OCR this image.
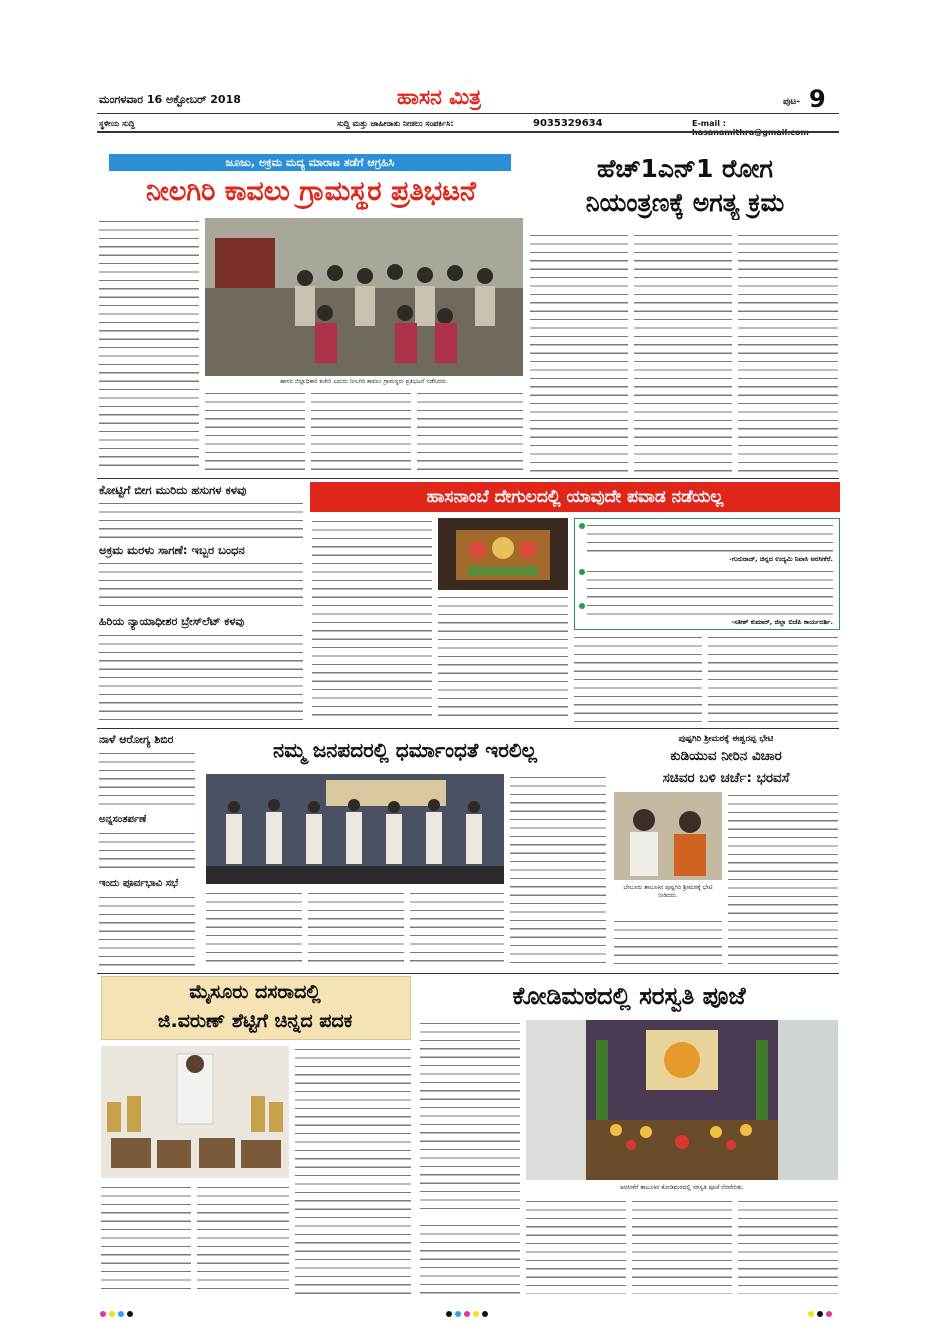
ಮಂಗಳವಾರ 16 ಅಕ್ಟೋಬರ್ 2018	ಹಾಸನ ಮಿತ್ರ	ಪುಟ- 9
ಸ್ಥಳೀಯ ಸುದ್ದಿ	ಸುದ್ದಿ ಮತ್ತು ಜಾಹೀರಾತು ನೀಡಲು ಸಂಪರ್ಕಿಸಿ:	9035329634	E-mail :
ಜೂಜು, ಅಕ್ರಮ ಮದ್ಯ ಮಾರಾಟ ತಡೆಗೆ ಆಗ್ರಹಿಸಿ
ನೀಲಗಿರಿ ಕಾವಲು ಗ್ರಾಮಸ್ಥರ ಪ್ರತಿಭಟನೆ
ಹಾಸನ ಜಿಲ್ಲಾಧಿಕಾರಿ ಕಚೇರಿ ಎದುರು ನೀಲಗಿರಿ ಕಾವಲು ಗ್ರಾಮಸ್ಥರು ಪ್ರತಿಭಟನೆ ನಡೆಸಿದರು.
ಹೆಚ್1ಎನ್1 ರೋಗ
ನಿಯಂತ್ರಣಕ್ಕೆ ಅಗತ್ಯ ಕ್ರಮ
ಕೋಟ್ಟಿಗೆ ಬೀಗ ಮುರಿದು ಹಸುಗಳ ಕಳವು
ಅಕ್ರಮ ಮರಳು ಸಾಗಣೆ: ಇಬ್ಬರ ಬಂಧನ
ಹಿರಿಯ ನ್ಯಾಯಾಧೀಶರ ಬ್ರೇಸ್‌ಲೆಟ್ ಕಳವು
ಹಾಸನಾಂಬೆ ದೇಗುಲದಲ್ಲಿ ಯಾವುದೇ ಪವಾಡ ನಡೆಯಲ್ಲ
-ಗುರುರಾಜ್, ಚಿನ್ನದ ಉದ್ಯಮಿ ನಿವಾಸಿ ಅರಸೀಕೆರೆ.
-ಸತೀಶ್ ಕುಮಾರ್, ಜಿಲ್ಲಾ ಬಿಜೆಪಿ ಕಾರ್ಯದರ್ಶಿ.
ನಾಳೆ ಆರೋಗ್ಯ ಶಿಬಿರ
ಅನ್ನಸಂತರ್ಪಣೆ
ಇಂದು ಪೂರ್ವಭಾವಿ ಸಭೆ
ನಮ್ಮ ಜನಪದರಲ್ಲಿ ಧರ್ಮಾಂಧತೆ ಇರಲಿಲ್ಲ	ಪುಷ್ಪಗಿರಿ ಶ್ರೀಮಠಕ್ಕೆ ಈಶ್ವರಪ್ಪ ಭೇಟಿ
ಕುಡಿಯುವ ನೀರಿನ ವಿಚಾರ
ಸಚಿವರ ಬಳಿ ಚರ್ಚೆ: ಭರವಸೆ
ಬೇಲೂರು ತಾಲೂಕಿನ ಪುಷ್ಪಗಿರಿ ಶ್ರೀಮಠಕ್ಕೆ ಭೇಟಿ ನೀಡಿದರು.
ಮೈಸೂರು ದಸರಾದಲ್ಲಿ
ಜಿ.ವರುಣ್ ಶೆಟ್ಟಿಗೆ ಚಿನ್ನದ ಪದಕ
ಕೋಡಿಮಠದಲ್ಲಿ ಸರಸ್ವತಿ ಪೂಜೆ
ಅರಸೀಕೆರೆ ತಾಲೂಕಿನ ಕೋಡಿಮಠದಲ್ಲಿ ಸರಸ್ವತಿ ಪೂಜೆ ನೆರವೇರಿತು.
